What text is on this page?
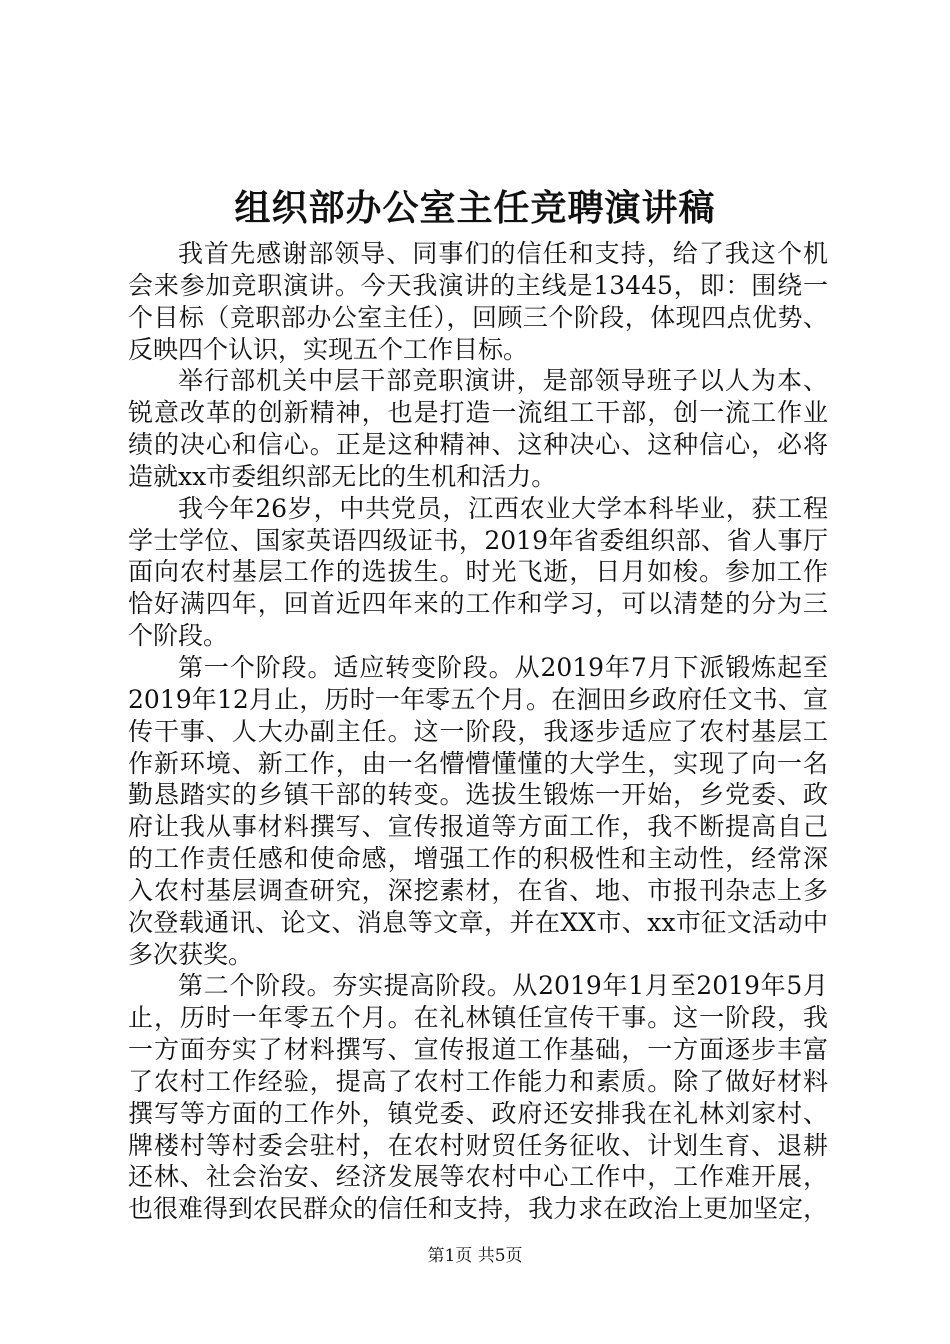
组织部办公室主任竞聘演讲稿
我首先感谢部领导、同事们的信任和支持，给了我这个机
会来参加竞职演讲。今天我演讲的主线是13445，即：围绕一
个目标（竞职部办公室主任），回顾三个阶段，体现四点优势、
反映四个认识，实现五个工作目标。
举行部机关中层干部竞职演讲，是部领导班子以人为本、
锐意改革的创新精神，也是打造一流组工干部，创一流工作业
绩的决心和信心。正是这种精神、这种决心、这种信心，必将
造就xx市委组织部无比的生机和活力。
我今年26岁，中共党员，江西农业大学本科毕业，获工程
学士学位、国家英语四级证书，2019年省委组织部、省人事厅
面向农村基层工作的选拔生。时光飞逝，日月如梭。参加工作
恰好满四年，回首近四年来的工作和学习，可以清楚的分为三
个阶段。
第一个阶段。适应转变阶段。从2019年7月下派锻炼起至
2019年12月止，历时一年零五个月。在洄田乡政府任文书、宣
传干事、人大办副主任。这一阶段，我逐步适应了农村基层工
作新环境、新工作，由一名懵懵懂懂的大学生，实现了向一名
勤恳踏实的乡镇干部的转变。选拔生锻炼一开始，乡党委、政
府让我从事材料撰写、宣传报道等方面工作，我不断提高自己
的工作责任感和使命感，增强工作的积极性和主动性，经常深
入农村基层调查研究，深挖素材，在省、地、市报刊杂志上多
次登载通讯、论文、消息等文章，并在XX市、xx市征文活动中
多次获奖。
第二个阶段。夯实提高阶段。从2019年1月至2019年5月
止，历时一年零五个月。在礼林镇任宣传干事。这一阶段，我
一方面夯实了材料撰写、宣传报道工作基础，一方面逐步丰富
了农村工作经验，提高了农村工作能力和素质。除了做好材料
撰写等方面的工作外，镇党委、政府还安排我在礼林刘家村、
牌楼村等村委会驻村，在农村财贸任务征收、计划生育、退耕
还林、社会治安、经济发展等农村中心工作中，工作难开展，
也很难得到农民群众的信任和支持，我力求在政治上更加坚定，
第1页 共5页
